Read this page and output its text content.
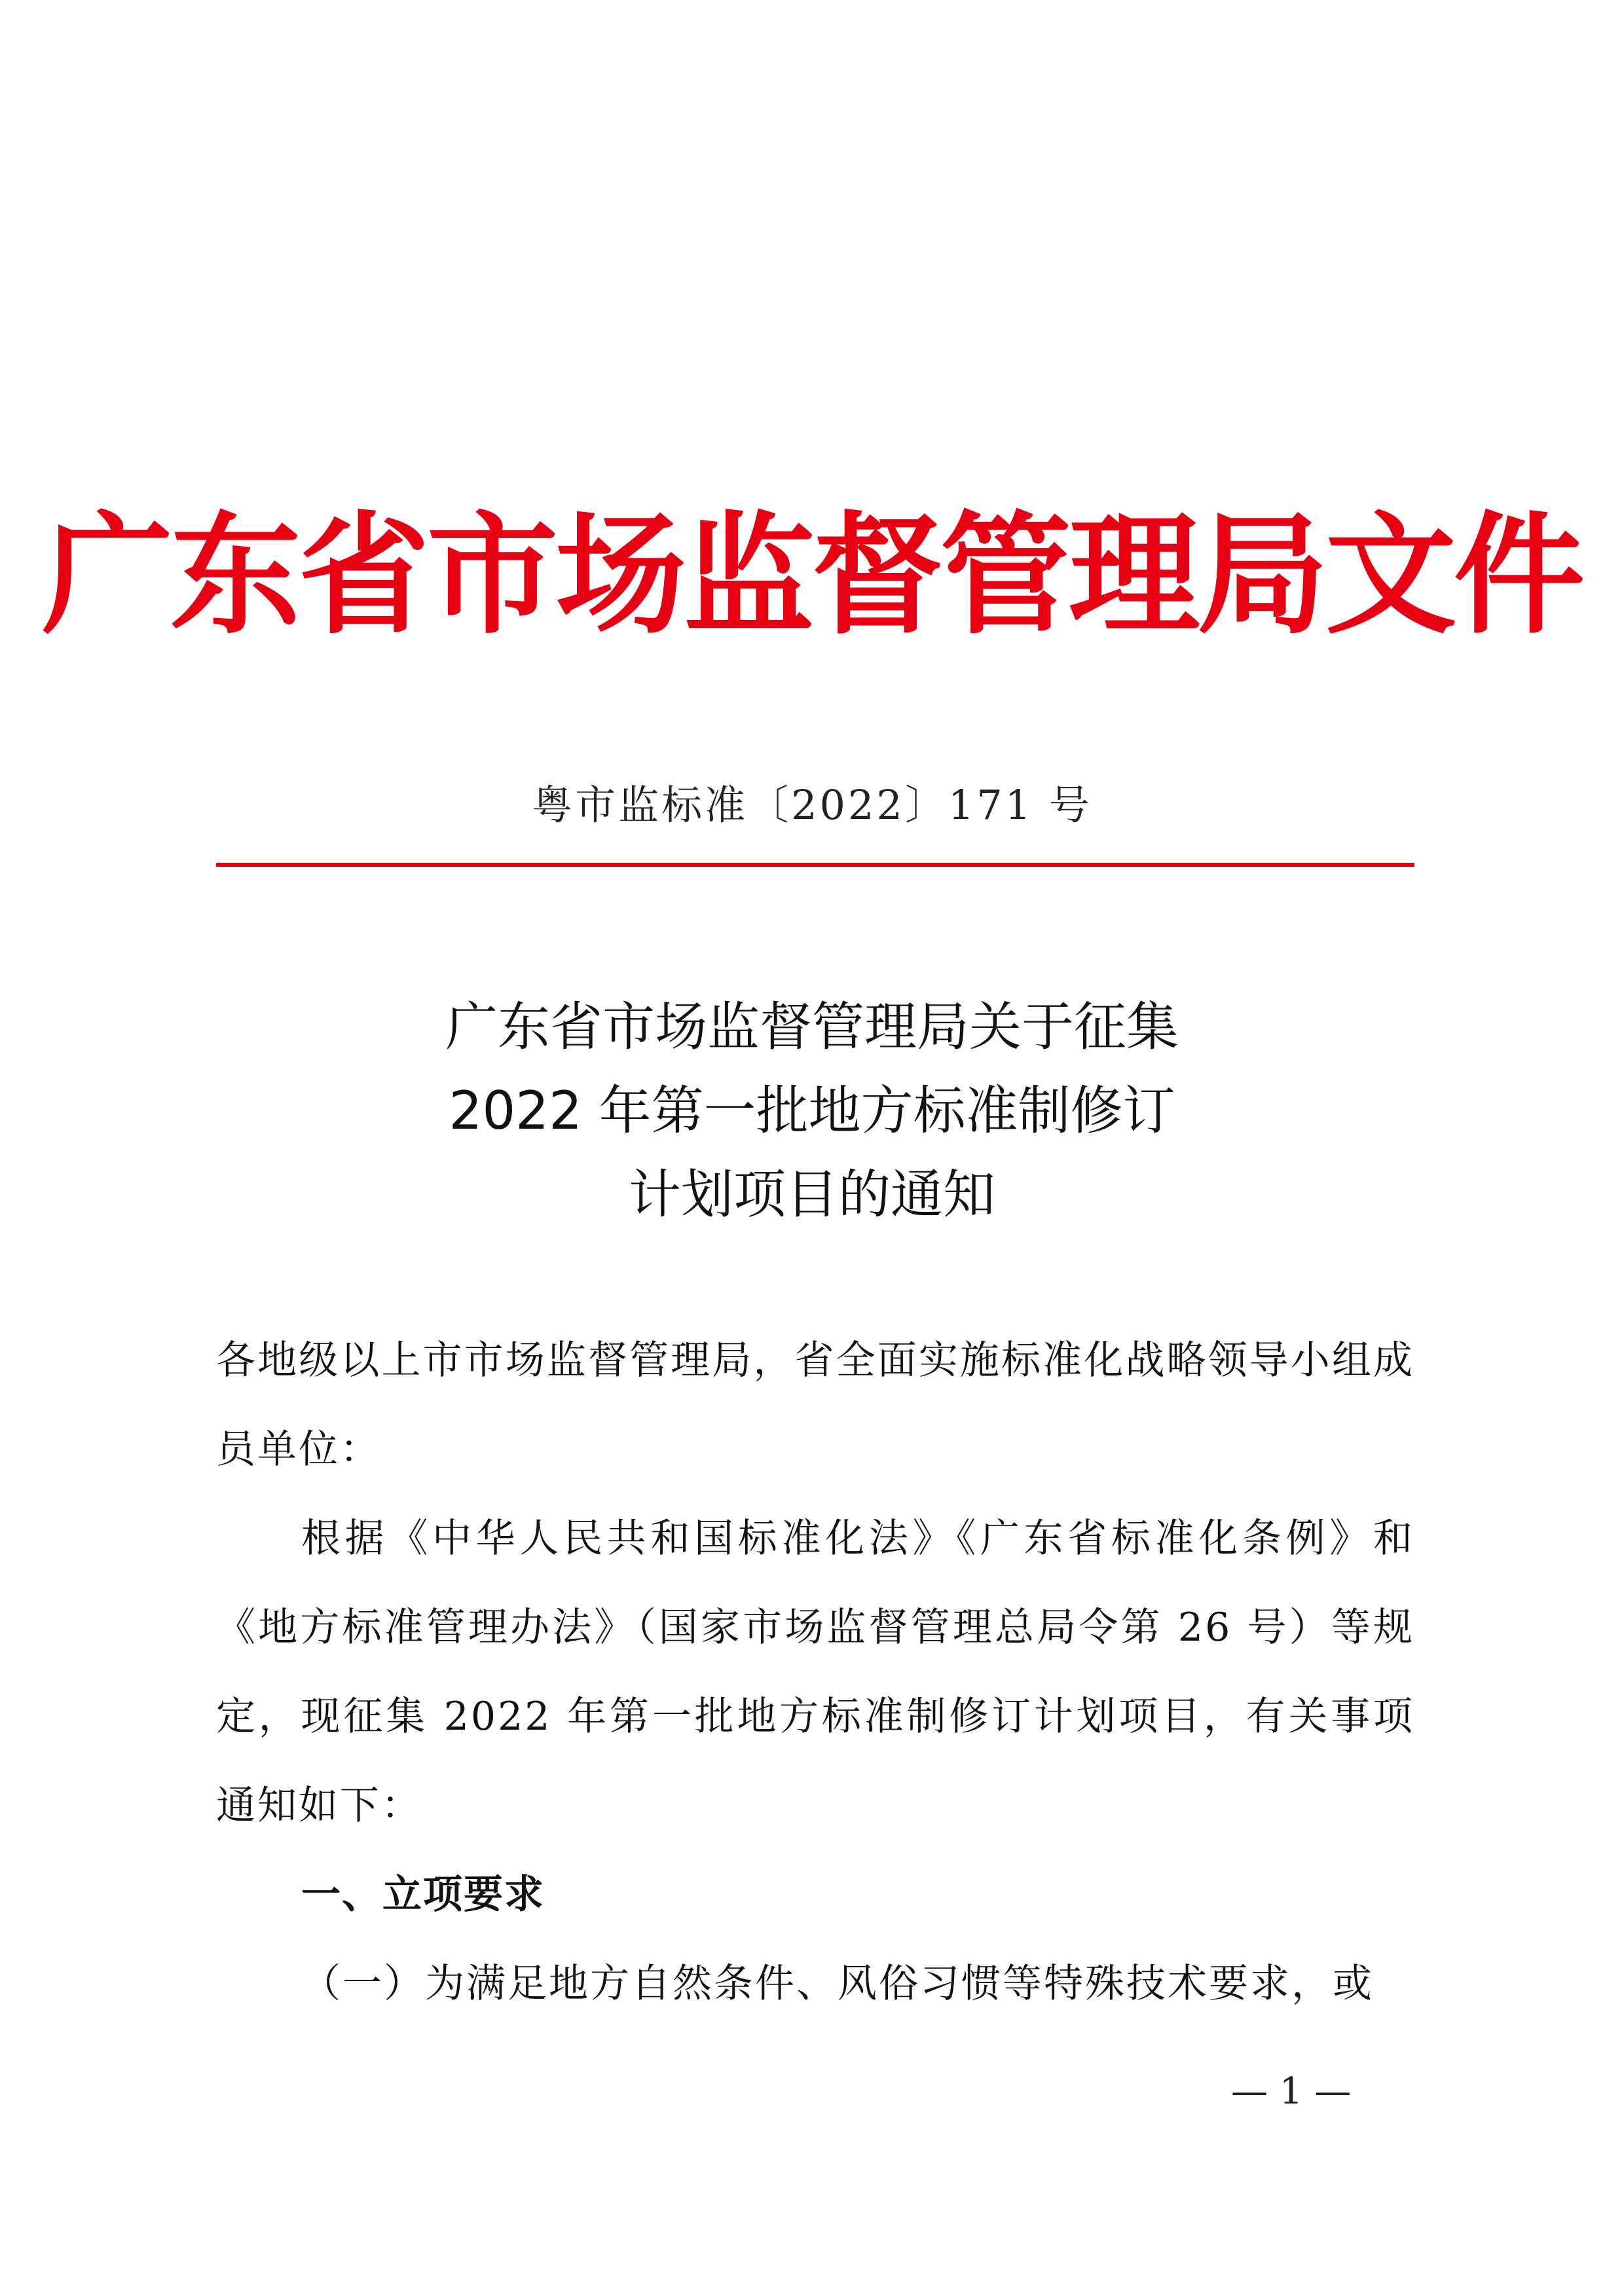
广东省市场监督管理局文件
粤市监标准〔2022〕171 号
广东省市场监督管理局关于征集
2022 年第一批地方标准制修订
计划项目的通知
各地级以上市市场监督管理局，省全面实施标准化战略领导小组成员单位：
根据《中华人民共和国标准化法》《广东省标准化条例》和《地方标准管理办法》（国家市场监督管理总局令第 26 号）等规定，现征集 2022 年第一批地方标准制修订计划项目，有关事项通知如下：
一、立项要求
（一）为满足地方自然条件、风俗习惯等特殊技术要求，或
— 1 —
